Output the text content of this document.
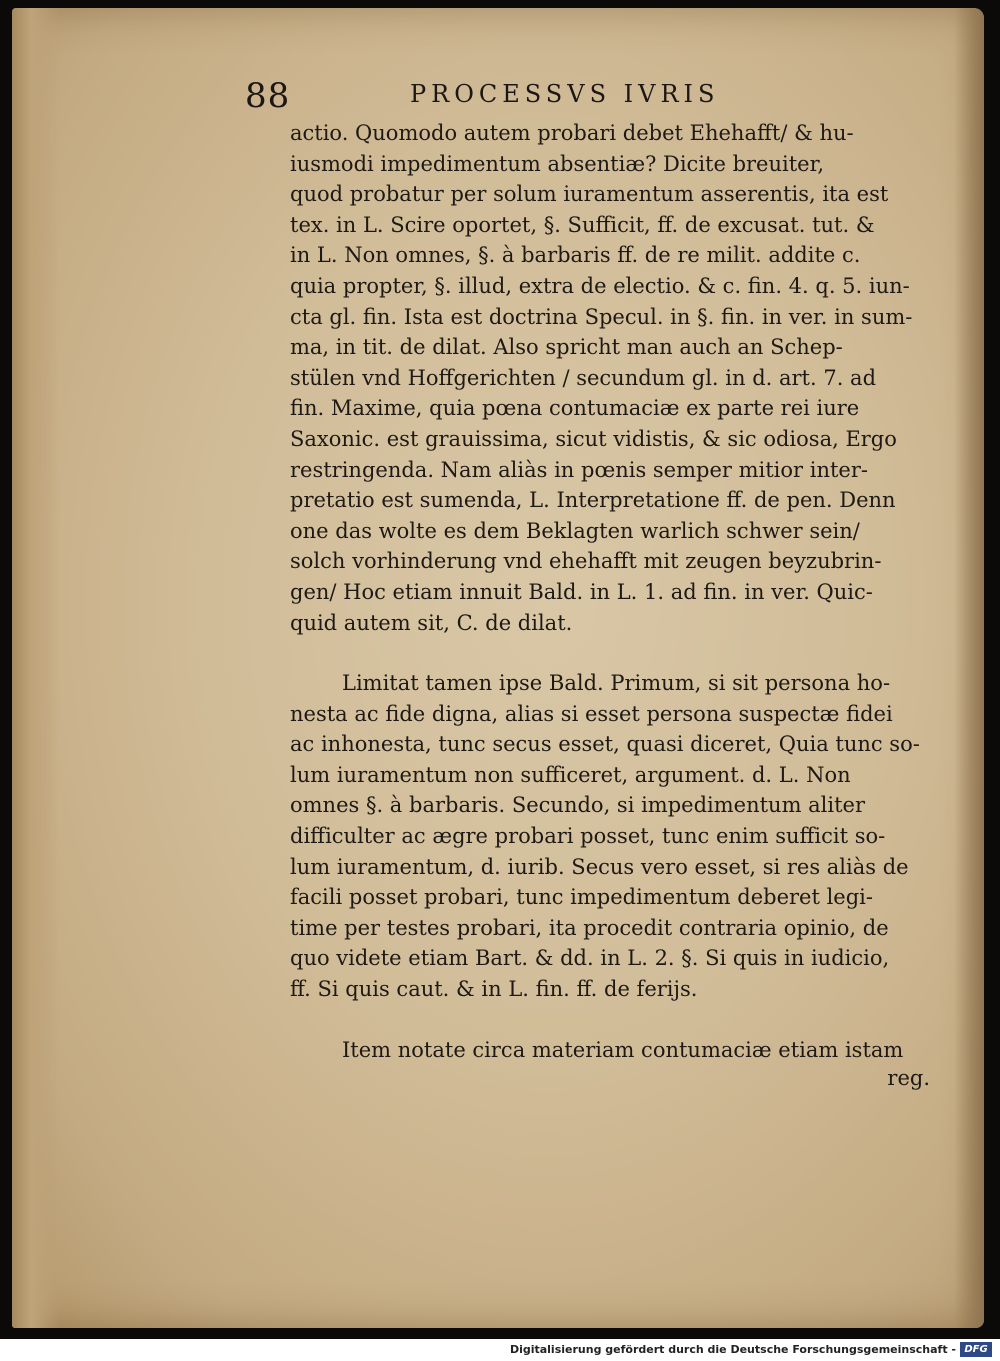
88	PROCESSVS IVRIS
actio. Quomodo autem probari debet Ehehafft/ & hu-
iusmodi impedimentum absentiæ? Dicite breuiter,
quod probatur per solum iuramentum asserentis, ita est
tex. in L. Scire oportet, §. Sufficit, ff. de excusat. tut. &
in L. Non omnes, §. à barbaris ff. de re milit. addite c.
quia propter, §. illud, extra de electio. & c. fin. 4. q. 5. iun-
cta gl. fin. Ista est doctrina Specul. in §. fin. in ver. in sum-
ma, in tit. de dilat. Also spricht man auch an Schep-
stülen vnd Hoffgerichten / secundum gl. in d. art. 7. ad
fin. Maxime, quia pœna contumaciæ ex parte rei iure
Saxonic. est grauissima, sicut vidistis, & sic odiosa, Ergo
restringenda. Nam aliàs in pœnis semper mitior inter-
pretatio est sumenda, L. Interpretatione ff. de pen. Denn
one das wolte es dem Beklagten warlich schwer sein/
solch vorhinderung vnd ehehafft mit zeugen beyzubrin-
gen/ Hoc etiam innuit Bald. in L. 1. ad fin. in ver. Quic-
quid autem sit, C. de dilat.
Limitat tamen ipse Bald. Primum, si sit persona ho-
nesta ac fide digna, alias si esset persona suspectæ fidei
ac inhonesta, tunc secus esset, quasi diceret, Quia tunc so-
lum iuramentum non sufficeret, argument. d. L. Non
omnes §. à barbaris. Secundo, si impedimentum aliter
difficulter ac ægre probari posset, tunc enim sufficit so-
lum iuramentum, d. iurib. Secus vero esset, si res aliàs de
facili posset probari, tunc impedimentum deberet legi-
time per testes probari, ita procedit contraria opinio, de
quo videte etiam Bart. & dd. in L. 2. §. Si quis in iudicio,
ff. Si quis caut. & in L. fin. ff. de ferijs.
Item notate circa materiam contumaciæ etiam istam
reg.
Digitalisierung gefördert durch die Deutsche Forschungsgemeinschaft - DFG
